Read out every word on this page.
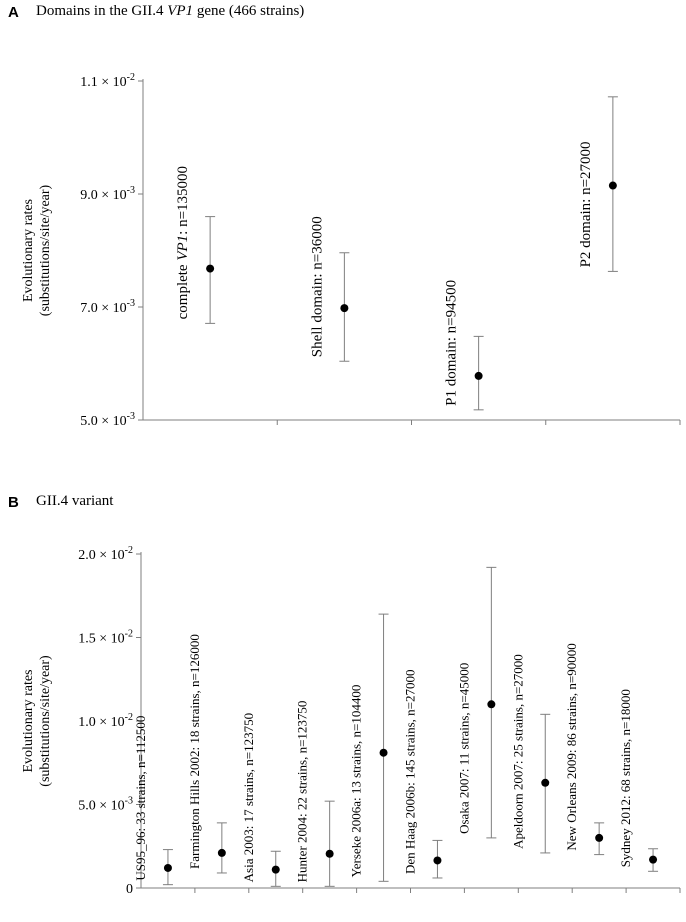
A Domains in the GII.4 VP1 gene (466 strains)
$5.0 \times 10^{-3}$
$7.0 \times 10^{-3}$
$9.0 \times 10^{-3}$
$1.1 \times 10^{-2}$
Evolutionary rates (substitutions/site/year)	complete VP1: n=135000
Shell domain: n=36000	P1 domain: n=94500
P2 domain: n=27000
B GII.4 variant
0
$5.0 \times 10^{-3}$
$1.0 \times 10^{-2}$
$1.5 \times 10^{-2}$
$2.0 \times 10^{-2}$
Evolutionary rates (substitutions/site/year)	US95_96: 33 strains, n=112500	Farmington Hills 2002: 18 strains, n=126000	Asia 2003: 17 strains, n=123750	Hunter 2004: 22 strains, n=123750	Yerseke 2006a: 13 strains, n=104400	Den Haag 2006b: 145 strains, n=27000	Osaka 2007: 11 strains, n=45000	Apeldoorn 2007: 25 strains, n=27000	New Orleans 2009: 86 strains, n=90000	Sydney 2012: 68 strains, n=18000
